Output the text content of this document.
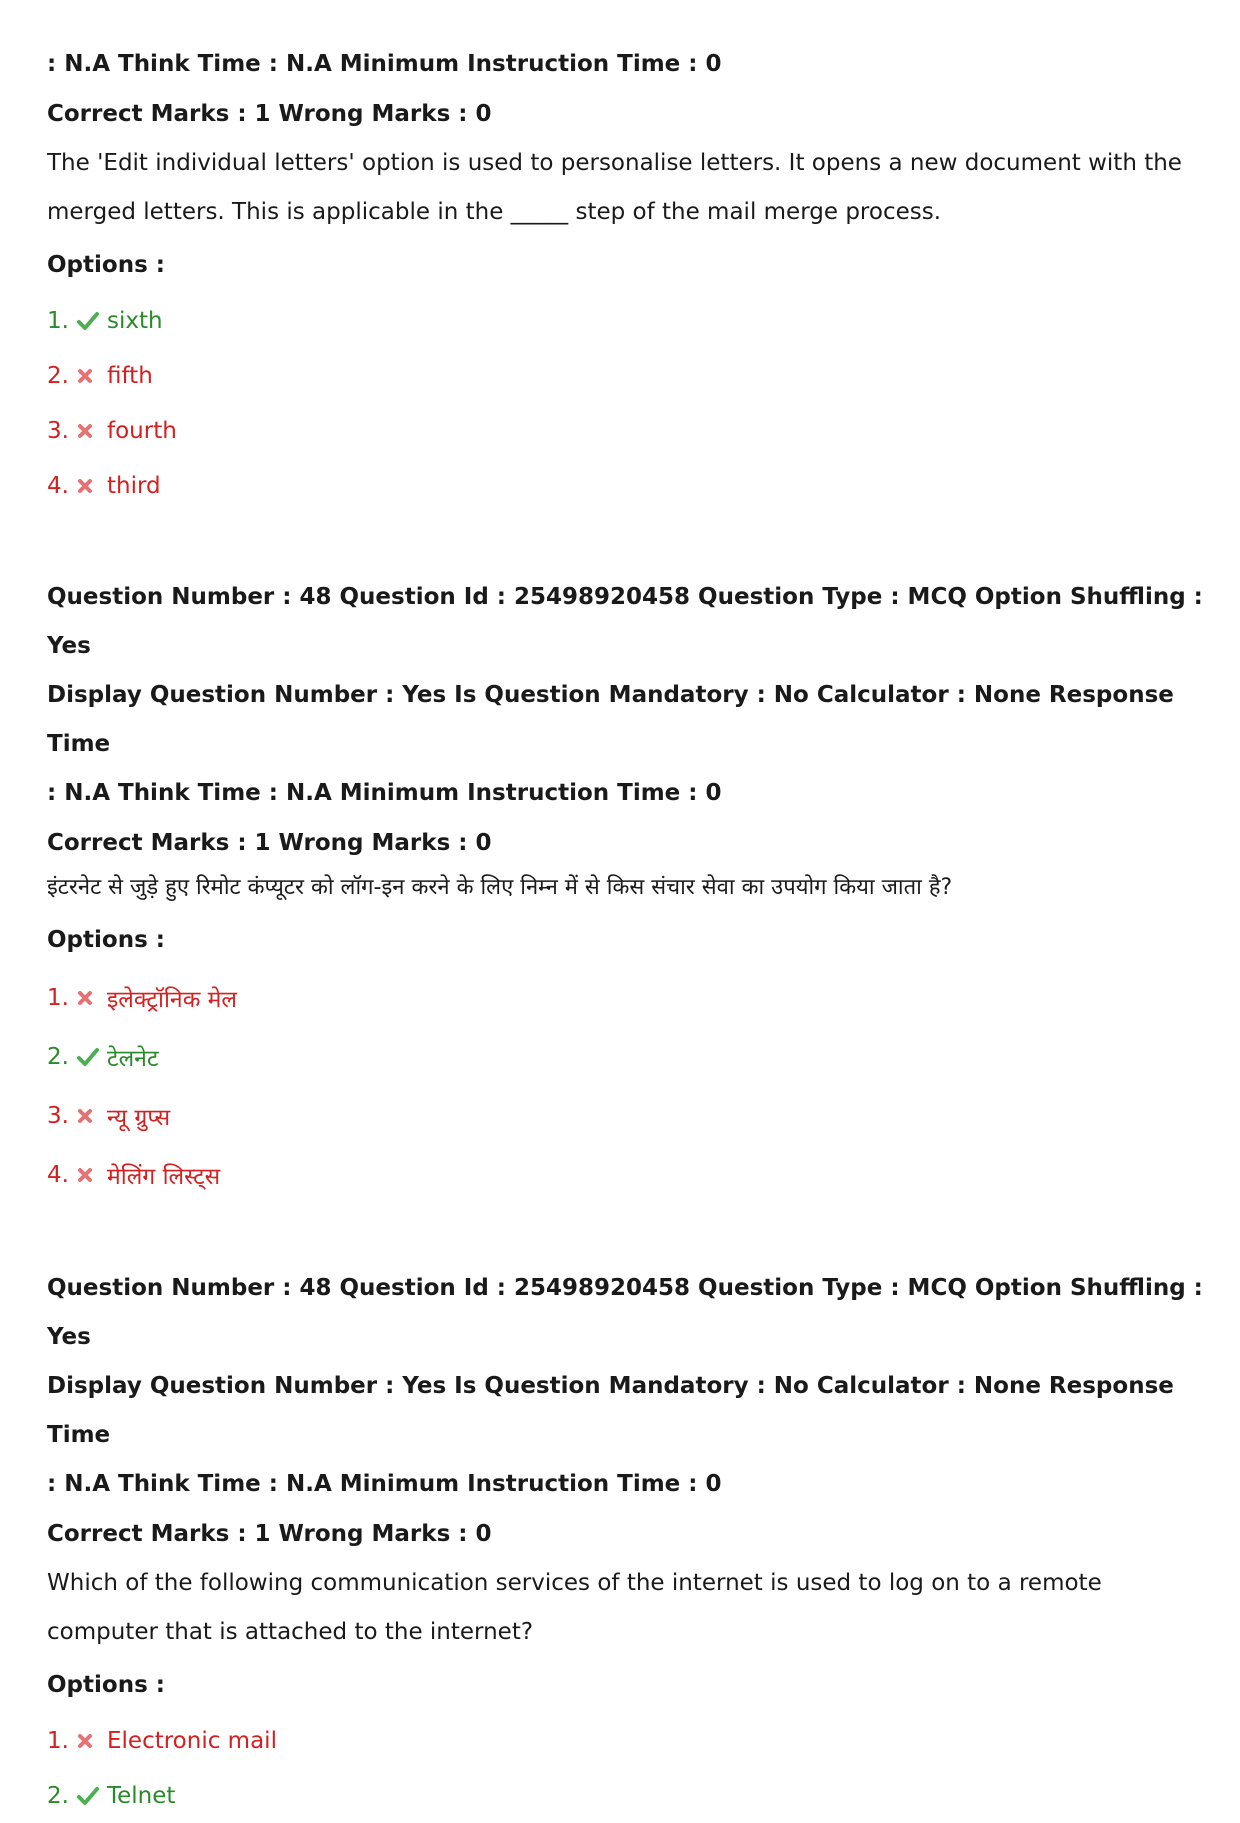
: N.A Think Time : N.A Minimum Instruction Time : 0
Correct Marks : 1 Wrong Marks : 0
The 'Edit individual letters' option is used to personalise letters. It opens a new document with the
merged letters. This is applicable in the _____ step of the mail merge process.
Options :
1.	sixth
2.	fifth
3.	fourth
4.	third
Question Number : 48 Question Id : 25498920458 Question Type : MCQ Option Shuffling : Yes
Display Question Number : Yes Is Question Mandatory : No Calculator : None Response Time
: N.A Think Time : N.A Minimum Instruction Time : 0
Correct Marks : 1 Wrong Marks : 0
इंटरनेट से जुड़े हुए रिमोट कंप्यूटर को लॉग-इन करने के लिए निम्न में से किस संचार सेवा का उपयोग किया जाता है?
Options :
1.	इलेक्ट्रॉनिक मेल
2.	टेलनेट
3.	न्यू ग्रुप्स
4.	मेलिंग लिस्ट्स
Question Number : 48 Question Id : 25498920458 Question Type : MCQ Option Shuffling : Yes
Display Question Number : Yes Is Question Mandatory : No Calculator : None Response Time
: N.A Think Time : N.A Minimum Instruction Time : 0
Correct Marks : 1 Wrong Marks : 0
Which of the following communication services of the internet is used to log on to a remote
computer that is attached to the internet?
Options :
1.	Electronic mail
2.	Telnet
